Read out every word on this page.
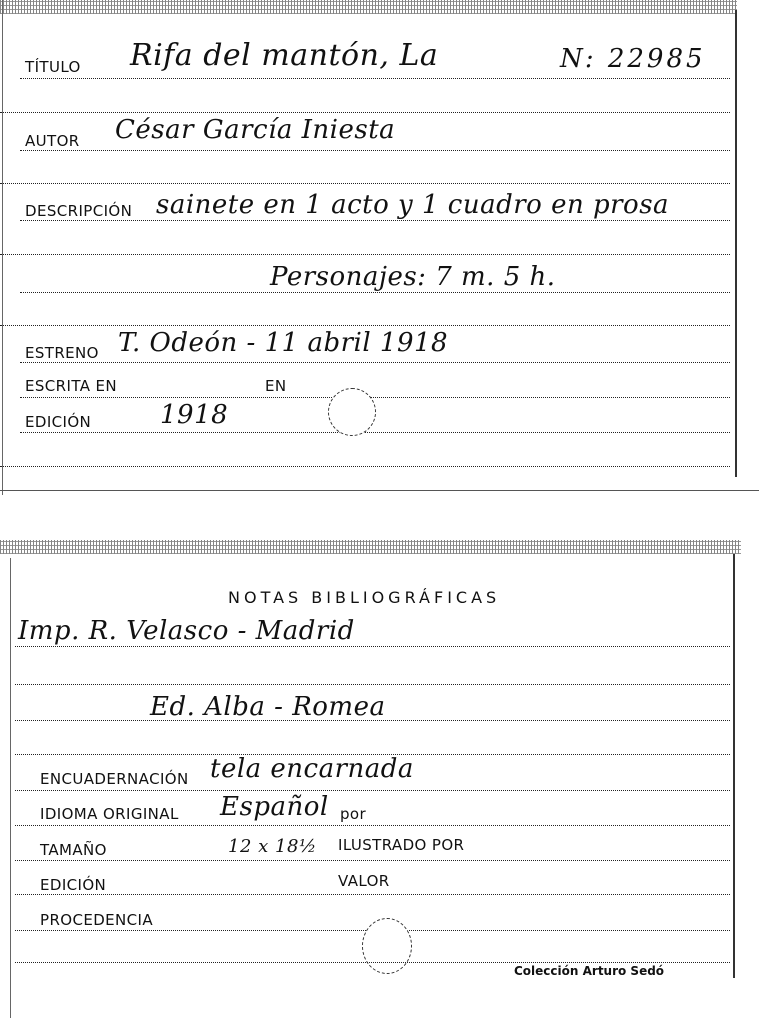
TÍTULO Rifa del mantón, La	N: 22985
AUTOR César García Iniesta
DESCRIPCIÓN sainete en 1 acto y 1 cuadro en prosa
Personajes: 7 m. 5 h.
ESTRENO T. Odeón - 11 abril 1918
ESCRITA EN	EN
EDICIÓN	1918
NOTAS BIBLIOGRÁFICAS
Imp. R. Velasco - Madrid
Ed. Alba - Romea
ENCUADERNACIÓN tela encarnada
IDIOMA ORIGINAL Español por
TAMAÑO	12 x 18½ ILUSTRADO POR
EDICIÓN	VALOR
PROCEDENCIA
Colección Arturo Sedó
